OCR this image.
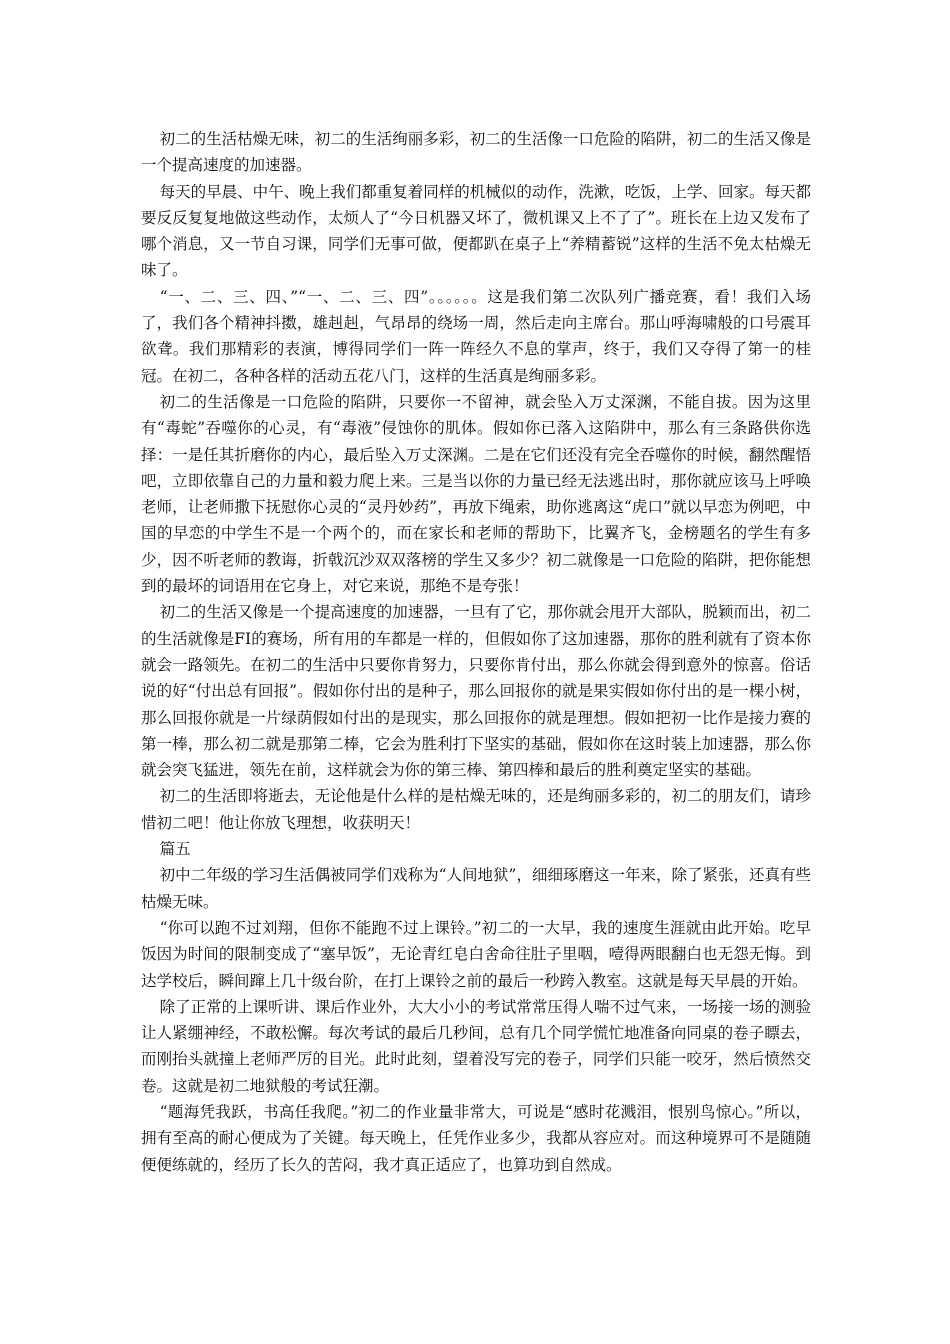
初二的生活枯燥无味，初二的生活绚丽多彩，初二的生活像一口危险的陷阱，初二的生活又像是一个提高速度的加速器。

每天的早晨、中午、晚上我们都重复着同样的机械似的动作，洗漱，吃饭，上学、回家。每天都要反反复复地做这些动作，太烦人了“今日机器又坏了，微机课又上不了了”。班长在上边又发布了哪个消息，又一节自习课，同学们无事可做，便都趴在桌子上“养精蓄锐”这样的生活不免太枯燥无味了。

“一、二、三、四、”“一、二、三、四”。。。。。。这是我们第二次队列广播竞赛，看！我们入场了，我们各个精神抖擞，雄赳赳，气昂昂的绕场一周，然后走向主席台。那山呼海啸般的口号震耳欲聋。我们那精彩的表演，博得同学们一阵一阵经久不息的掌声，终于，我们又夺得了第一的桂冠。在初二，各种各样的活动五花八门，这样的生活真是绚丽多彩。

初二的生活像是一口危险的陷阱，只要你一不留神，就会坠入万丈深渊，不能自拔。因为这里有“毒蛇”吞噬你的心灵，有“毒液”侵蚀你的肌体。假如你已落入这陷阱中，那么有三条路供你选择：一是任其折磨你的内心，最后坠入万丈深渊。二是在它们还没有完全吞噬你的时候，翻然醒悟吧，立即依靠自己的力量和毅力爬上来。三是当以你的力量已经无法逃出时，那你就应该马上呼唤老师，让老师撒下抚慰你心灵的“灵丹妙药”，再放下绳索，助你逃离这“虎口”就以早恋为例吧，中国的早恋的中学生不是一个两个的，而在家长和老师的帮助下，比翼齐飞，金榜题名的学生有多少，因不听老师的教诲，折戟沉沙双双落榜的学生又多少？初二就像是一口危险的陷阱，把你能想到的最坏的词语用在它身上，对它来说，那绝不是夸张！

初二的生活又像是一个提高速度的加速器，一旦有了它，那你就会甩开大部队，脱颖而出，初二的生活就像是FI的赛场，所有用的车都是一样的，但假如你了这加速器，那你的胜利就有了资本你就会一路领先。在初二的生活中只要你肯努力，只要你肯付出，那么你就会得到意外的惊喜。俗话说的好“付出总有回报”。假如你付出的是种子，那么回报你的就是果实假如你付出的是一棵小树，那么回报你就是一片绿荫假如付出的是现实，那么回报你的就是理想。假如把初一比作是接力赛的第一棒，那么初二就是那第二棒，它会为胜利打下坚实的基础，假如你在这时装上加速器，那么你就会突飞猛进，领先在前，这样就会为你的第三棒、第四棒和最后的胜利奠定坚实的基础。

初二的生活即将逝去，无论他是什么样的是枯燥无味的，还是绚丽多彩的，初二的朋友们，请珍惜初二吧！他让你放飞理想，收获明天！

篇五

初中二年级的学习生活偶被同学们戏称为“人间地狱”，细细琢磨这一年来，除了紧张，还真有些枯燥无味。

“你可以跑不过刘翔，但你不能跑不过上课铃。”初二的一大早，我的速度生涯就由此开始。吃早饭因为时间的限制变成了“塞早饭”，无论青红皂白舍命往肚子里咽，噎得两眼翻白也无怨无悔。到达学校后，瞬间蹿上几十级台阶，在打上课铃之前的最后一秒跨入教室。这就是每天早晨的开始。

除了正常的上课听讲、课后作业外，大大小小的考试常常压得人喘不过气来，一场接一场的测验让人紧绷神经，不敢松懈。每次考试的最后几秒间，总有几个同学慌忙地准备向同桌的卷子瞟去，而刚抬头就撞上老师严厉的目光。此时此刻，望着没写完的卷子，同学们只能一咬牙，然后愤然交卷。这就是初二地狱般的考试狂潮。

“题海凭我跃，书高任我爬。”初二的作业量非常大，可说是“感时花溅泪，恨别鸟惊心。”所以，拥有至高的耐心便成为了关键。每天晚上，任凭作业多少，我都从容应对。而这种境界可不是随随便便练就的，经历了长久的苦闷，我才真正适应了，也算功到自然成。
